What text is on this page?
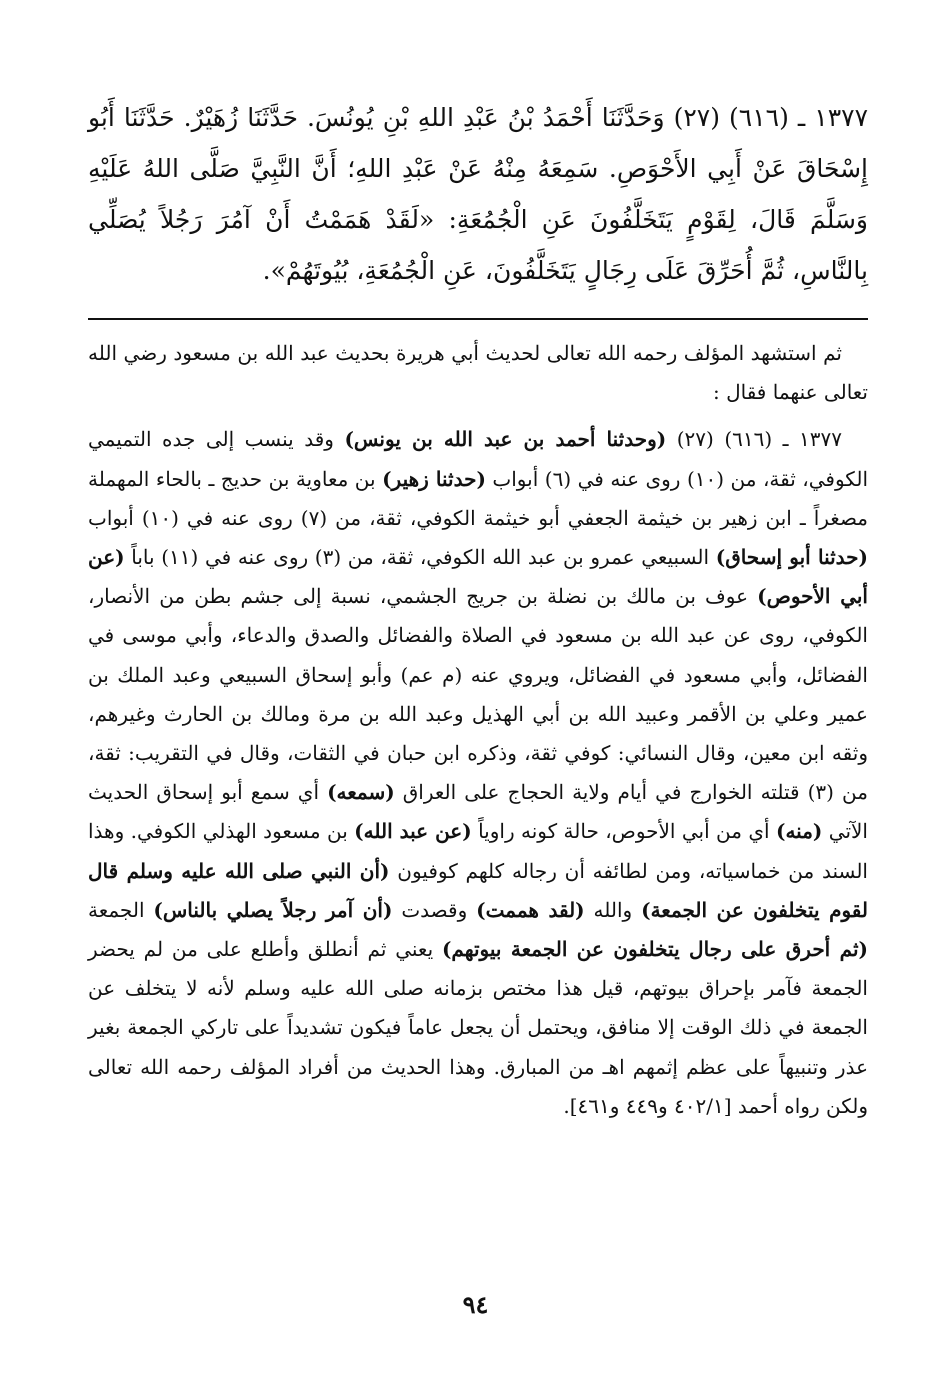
١٣٧٧ ـ (٦١٦) (٢٧) وَحَدَّثَنَا أَحْمَدُ بْنُ عَبْدِ اللهِ بْنِ يُونُسَ. حَدَّثَنَا زُهَيْرٌ. حَدَّثَنَا أَبُو إِسْحَاقَ عَنْ أَبِي الأَحْوَصِ. سَمِعَهُ مِنْهُ عَنْ عَبْدِ اللهِ؛ أَنَّ النَّبِيَّ صَلَّى اللهُ عَلَيْهِ وَسَلَّمَ قَالَ، لِقَوْمٍ يَتَخَلَّفُونَ عَنِ الْجُمُعَةِ: «لَقَدْ هَمَمْتُ أَنْ آمُرَ رَجُلاً يُصَلِّي بِالنَّاسِ، ثُمَّ أُحَرِّقَ عَلَى رِجَالٍ يَتَخَلَّفُونَ، عَنِ الْجُمُعَةِ، بُيُوتَهُمْ».

ثم استشهد المؤلف رحمه الله تعالى لحديث أبي هريرة بحديث عبد الله بن مسعود رضي الله تعالى عنهما فقال :

١٣٧٧ ـ (٦١٦) (٢٧) (وحدثنا أحمد بن عبد الله بن يونس) وقد ينسب إلى جده التميمي الكوفي، ثقة، من (١٠) روى عنه في (٦) أبواب (حدثنا زهير) بن معاوية بن حديج ـ بالحاء المهملة مصغراً ـ ابن زهير بن خيثمة الجعفي أبو خيثمة الكوفي، ثقة، من (٧) روى عنه في (١٠) أبواب (حدثنا أبو إسحاق) السبيعي عمرو بن عبد الله الكوفي، ثقة، من (٣) روى عنه في (١١) باباً (عن أبي الأحوص) عوف بن مالك بن نضلة بن جريج الجشمي، نسبة إلى جشم بطن من الأنصار، الكوفي، روى عن عبد الله بن مسعود في الصلاة والفضائل والصدق والدعاء، وأبي موسى في الفضائل، وأبي مسعود في الفضائل، ويروي عنه (م عم) وأبو إسحاق السبيعي وعبد الملك بن عمير وعلي بن الأقمر وعبيد الله بن أبي الهذيل وعبد الله بن مرة ومالك بن الحارث وغيرهم، وثقه ابن معين، وقال النسائي: كوفي ثقة، وذكره ابن حبان في الثقات، وقال في التقريب: ثقة، من (٣) قتلته الخوارج في أيام ولاية الحجاج على العراق (سمعه) أي سمع أبو إسحاق الحديث الآتي (منه) أي من أبي الأحوص، حالة كونه راوياً (عن عبد الله) بن مسعود الهذلي الكوفي. وهذا السند من خماسياته، ومن لطائفه أن رجاله كلهم كوفيون (أن النبي صلى الله عليه وسلم قال لقوم يتخلفون عن الجمعة) والله (لقد هممت) وقصدت (أن آمر رجلاً يصلي بالناس) الجمعة (ثم أحرق على رجال يتخلفون عن الجمعة بيوتهم) يعني ثم أنطلق وأطلع على من لم يحضر الجمعة فآمر بإحراق بيوتهم، قيل هذا مختص بزمانه صلى الله عليه وسلم لأنه لا يتخلف عن الجمعة في ذلك الوقت إلا منافق، ويحتمل أن يجعل عاماً فيكون تشديداً على تاركي الجمعة بغير عذر وتنبيهاً على عظم إثمهم اهـ من المبارق. وهذا الحديث من أفراد المؤلف رحمه الله تعالى ولكن رواه أحمد [٤٠٢/١ و٤٤٩ و٤٦١].

٩٤
